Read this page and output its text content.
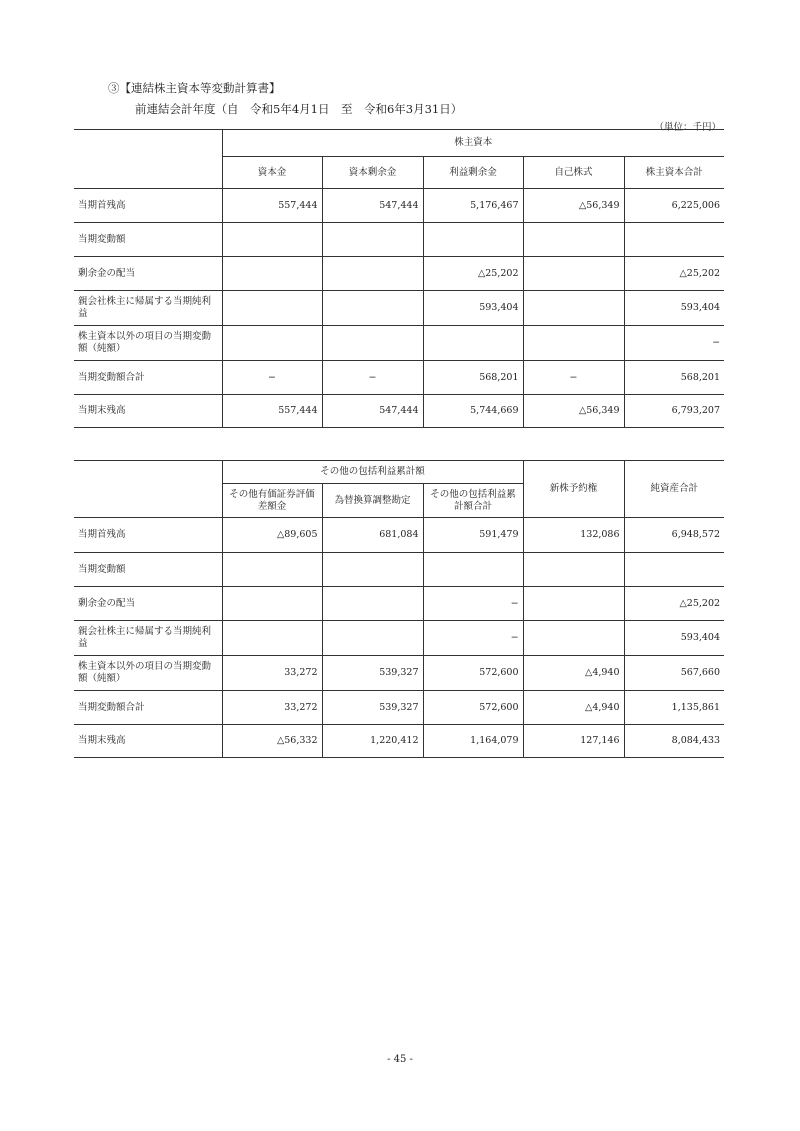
③【連結株主資本等変動計算書】
前連結会計年度（自　令和5年4月1日　至　令和6年3月31日）
（単位：千円）
	株主資本				
	資本金	資本剰余金	利益剰余金	自己株式	株主資本合計
当期首残高	557,444	547,444	5,176,467	△56,349	6,225,006
当期変動額					
剰余金の配当			△25,202		△25,202
親会社株主に帰属する当期純利益			593,404		593,404
株主資本以外の項目の当期変動額（純額）					−
当期変動額合計	−	−	568,201	−	568,201
当期末残高	557,444	547,444	5,744,669	△56,349	6,793,207
	その他の包括利益累計額			新株予約権	純資産合計
	その他有価証券評価差額金	為替換算調整勘定	その他の包括利益累計額合計		
当期首残高	△89,605	681,084	591,479	132,086	6,948,572
当期変動額					
剰余金の配当			−		△25,202
親会社株主に帰属する当期純利益			−		593,404
株主資本以外の項目の当期変動額（純額）	33,272	539,327	572,600	△4,940	567,660
当期変動額合計	33,272	539,327	572,600	△4,940	1,135,861
当期末残高	△56,332	1,220,412	1,164,079	127,146	8,084,433
- 45 -
